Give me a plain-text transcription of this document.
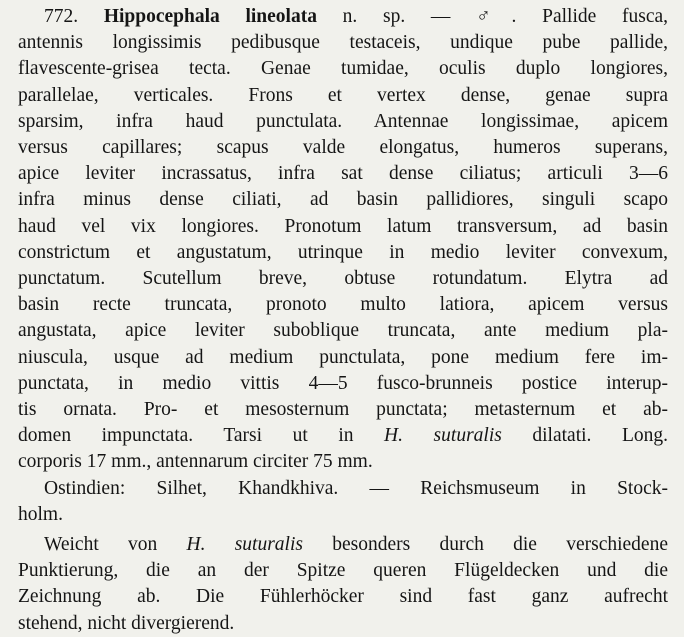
772. Hippocephala lineolata n. sp. — ♂. Pallide fusca,
antennis longissimis pedibusque testaceis, undique pube pallide,
flavescente-grisea tecta. Genae tumidae, oculis duplo longiores,
parallelae, verticales. Frons et vertex dense, genae supra
sparsim, infra haud punctulata. Antennae longissimae, apicem
versus capillares; scapus valde elongatus, humeros superans,
apice leviter incrassatus, infra sat dense ciliatus; articuli 3—6
infra minus dense ciliati, ad basin pallidiores, singuli scapo
haud vel vix longiores. Pronotum latum transversum, ad basin
constrictum et angustatum, utrinque in medio leviter convexum,
punctatum. Scutellum breve, obtuse rotundatum. Elytra ad
basin recte truncata, pronoto multo latiora, apicem versus
angustata, apice leviter suboblique truncata, ante medium pla-
niuscula, usque ad medium punctulata, pone medium fere im-
punctata, in medio vittis 4—5 fusco-brunneis postice interup-
tis ornata. Pro- et mesosternum punctata; metasternum et ab-
domen impunctata. Tarsi ut in H. suturalis dilatati. Long.
corporis 17 mm., antennarum circiter 75 mm.
Ostindien: Silhet, Khandkhiva. — Reichsmuseum in Stock-
holm.
Weicht von H. suturalis besonders durch die verschiedene
Punktierung, die an der Spitze queren Flügeldecken und die
Zeichnung ab. Die Fühlerhöcker sind fast ganz aufrecht
stehend, nicht divergierend.
